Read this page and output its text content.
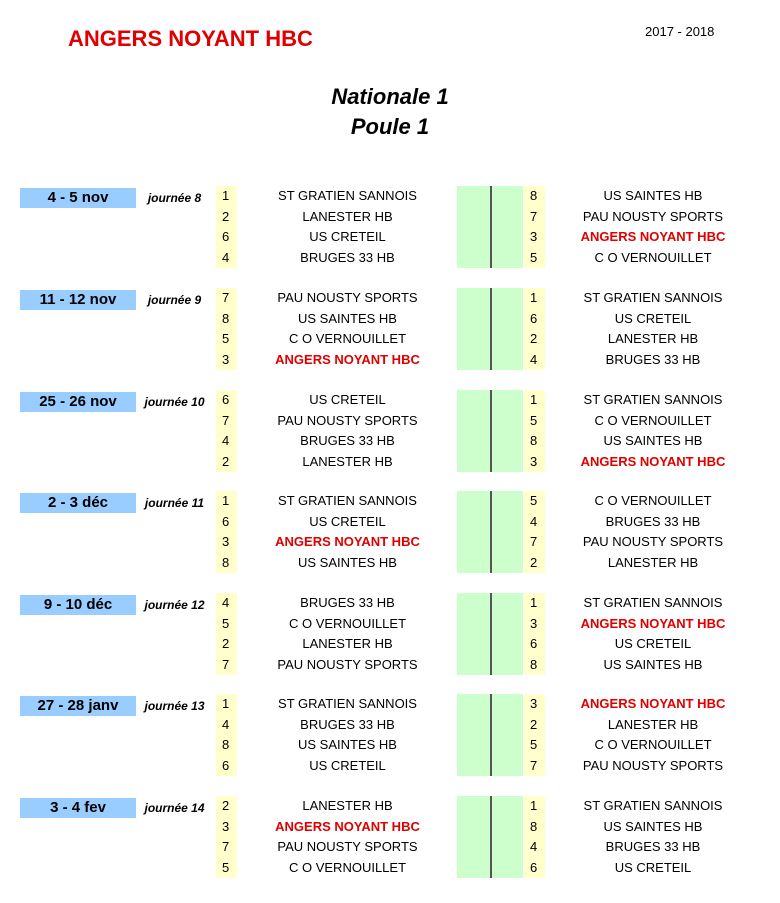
ANGERS NOYANT HBC	2017 - 2018
Nationale 1
Poule 1
4 - 5 nov	journée 8	1	ST GRATIEN SANNOIS	8	US SAINTES HB
2	LANESTER HB	7	PAU NOUSTY SPORTS
6	US CRETEIL	3	ANGERS NOYANT HBC
4	BRUGES 33 HB	5	C O VERNOUILLET
11 - 12 nov	journée 9	7	PAU NOUSTY SPORTS	1	ST GRATIEN SANNOIS
8	US SAINTES HB	6	US CRETEIL
5	C O VERNOUILLET	2	LANESTER HB
3	ANGERS NOYANT HBC	4	BRUGES 33 HB
25 - 26 nov	journée 10	6	US CRETEIL	1	ST GRATIEN SANNOIS
7	PAU NOUSTY SPORTS	5	C O VERNOUILLET
4	BRUGES 33 HB	8	US SAINTES HB
2	LANESTER HB	3	ANGERS NOYANT HBC
2 - 3 déc	journée 11	1	ST GRATIEN SANNOIS	5	C O VERNOUILLET
6	US CRETEIL	4	BRUGES 33 HB
3	ANGERS NOYANT HBC	7	PAU NOUSTY SPORTS
8	US SAINTES HB	2	LANESTER HB
9 - 10 déc	journée 12	4	BRUGES 33 HB	1	ST GRATIEN SANNOIS
5	C O VERNOUILLET	3	ANGERS NOYANT HBC
2	LANESTER HB	6	US CRETEIL
7	PAU NOUSTY SPORTS	8	US SAINTES HB
27 - 28 janv	journée 13	1	ST GRATIEN SANNOIS	3	ANGERS NOYANT HBC
4	BRUGES 33 HB	2	LANESTER HB
8	US SAINTES HB	5	C O VERNOUILLET
6	US CRETEIL	7	PAU NOUSTY SPORTS
3 - 4 fev	journée 14	2	LANESTER HB	1	ST GRATIEN SANNOIS
3	ANGERS NOYANT HBC	8	US SAINTES HB
7	PAU NOUSTY SPORTS	4	BRUGES 33 HB
5	C O VERNOUILLET	6	US CRETEIL
